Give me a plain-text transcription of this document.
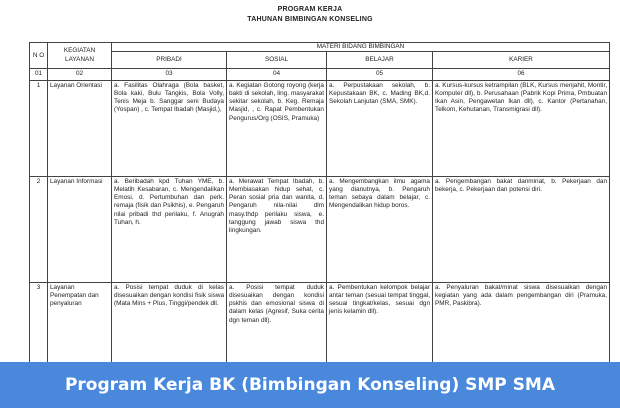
PROGRAM KERJA
TAHUNAN BIMBINGAN KONSELING
N O	KEGIATAN LAYANAN	MATERI BIDANG BIMBINGAN			
		PRIBADI	SOSIAL	BELAJAR	KARIER
01	02	03	04	05	06
1	Layanan Orientasi	a. Fasilitas Olahraga (Bola basket, Bola kaki, Bulu Tangkis, Bola Volly, Tenis Meja b. Sanggar seni Budaya (Yospan) , c. Tempat Ibadah (Masjid,),	a. Kegiatan Gotong royong (kerja bakti di sekolah, ling. masyarakat sekitar sekolah, b. Keg. Remaja Masjid, , c. Rapat Pembentukan Pengurus/Org (OSIS, Pramuka)	a. Perpustakaan sekolah, b. Kepustakaan BK, c. Mading BK,d. Sekolah Lanjutan (SMA, SMK).	a. Kursus-kursus ketrampilan (BLK, Kursus menjahit, Montir, Komputer dll), b. Perusahaan (Pabrik Kopi Prima, Pmbuatan Ikan Asin, Pengawetan Ikan dll), c. Kantor (Pertanahan, Telkom, Kehutanan, Transmigrasi dll).
2	Layanan Informasi	a. Beribadah kpd Tuhan YME, b. Melatih Kesabaran, c. Mengendalikan Emosi. d. Pertumbuhan dan perk. remaja (fisik dan Psikhis), e. Pengaruh nilai pribadi thd perilaku, f. Anugrah Tuhan, h.	a. Merawat Tempat Ibadah, b. Membiasakan hidup sehat, c. Peran sosial pria dan wanita, d. Pengaruh nila-nilai dlm masy.thdp perilaku siswa, e. tanggung jawab siswa thd lingkungan.	a. Mengembangkan ilmu agama yang dianutnya, b. Pengaruh teman sebaya dalam belajar, c. Mengendalikan hidup boros.	a. Pengembangan bakat danminat, b. Pekerjaan dan bekerja, c. Pekerjaan dan potensi diri.
3	Layanan Penempatan dan penyaluran	a. Posisi tempat duduk di kelas disesuaikan dengan kondisi fisik siswa (Mata Mins + Plus, Tinggi/pendek dll.	a. Posisi tempat duduk disesuaikan dengan kondisi pskhis dan emosional siswa di dalam kelas (Agresif, Suka cerita dgn teman dll).	a. Pembentukan kelompok belajar antar teman (sesuai tempat tinggal, sesuai tingkat/kelas, sesuai dgn jenis kelamin dll).	a. Penyaluran bakat/minat siswa disesuaikan dengan kegiatan yang ada dalam pengembangan diri (Pramuka, PMR, Paskibra).
Program Kerja BK (Bimbingan Konseling) SMP SMA
